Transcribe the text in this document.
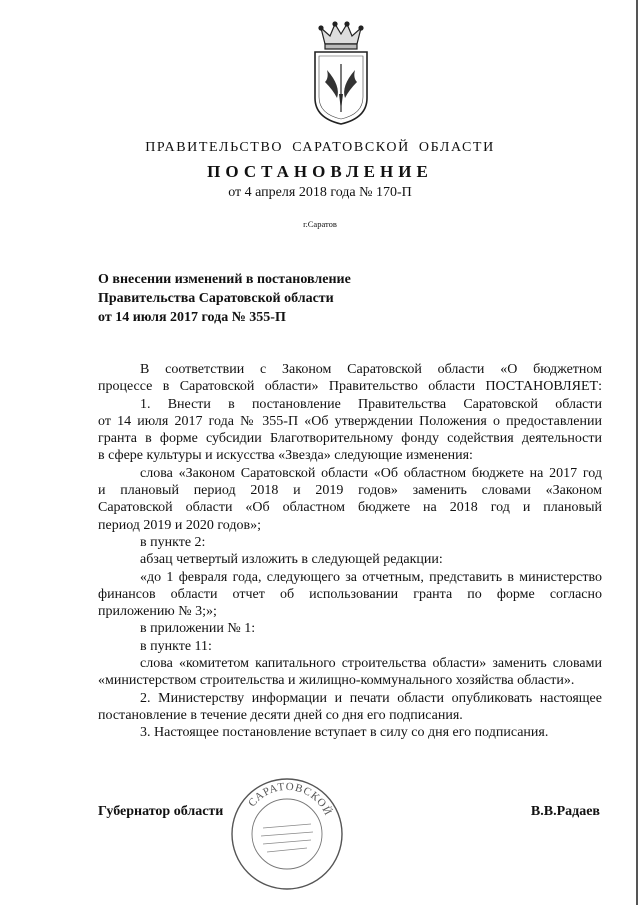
ПРАВИТЕЛЬСТВО САРАТОВСКОЙ ОБЛАСТИ
ПОСТАНОВЛЕНИЕ
от 4 апреля 2018 года № 170-П
г.Саратов
О внесении изменений в постановление
Правительства Саратовской области
от 14 июля 2017 года № 355-П
В соответствии с Законом Саратовской области «О бюджетном
процессе в Саратовской области» Правительство области ПОСТАНОВЛЯЕТ:
1. Внести в постановление Правительства Саратовской области
от 14 июля 2017 года № 355-П «Об утверждении Положения о предоставлении
гранта в форме субсидии Благотворительному фонду содействия деятельности
в сфере культуры и искусства «Звезда» следующие изменения:
слова «Законом Саратовской области «Об областном бюджете на 2017 год
и плановый период 2018 и 2019 годов» заменить словами «Законом
Саратовской области «Об областном бюджете на 2018 год и плановый
период 2019 и 2020 годов»;
в пункте 2:
абзац четвертый изложить в следующей редакции:
«до 1 февраля года, следующего за отчетным, представить в министерство
финансов области отчет об использовании гранта по форме согласно
приложению № 3;»;
в приложении № 1:
в пункте 11:
слова «комитетом капитального строительства области» заменить словами
«министерством строительства и жилищно-коммунального хозяйства области».
2. Министерству информации и печати области опубликовать настоящее
постановление в течение десяти дней со дня его подписания.
3. Настоящее постановление вступает в силу со дня его подписания.
САРАТОВСКОЙ
Губернатор области	В.В.Радаев
